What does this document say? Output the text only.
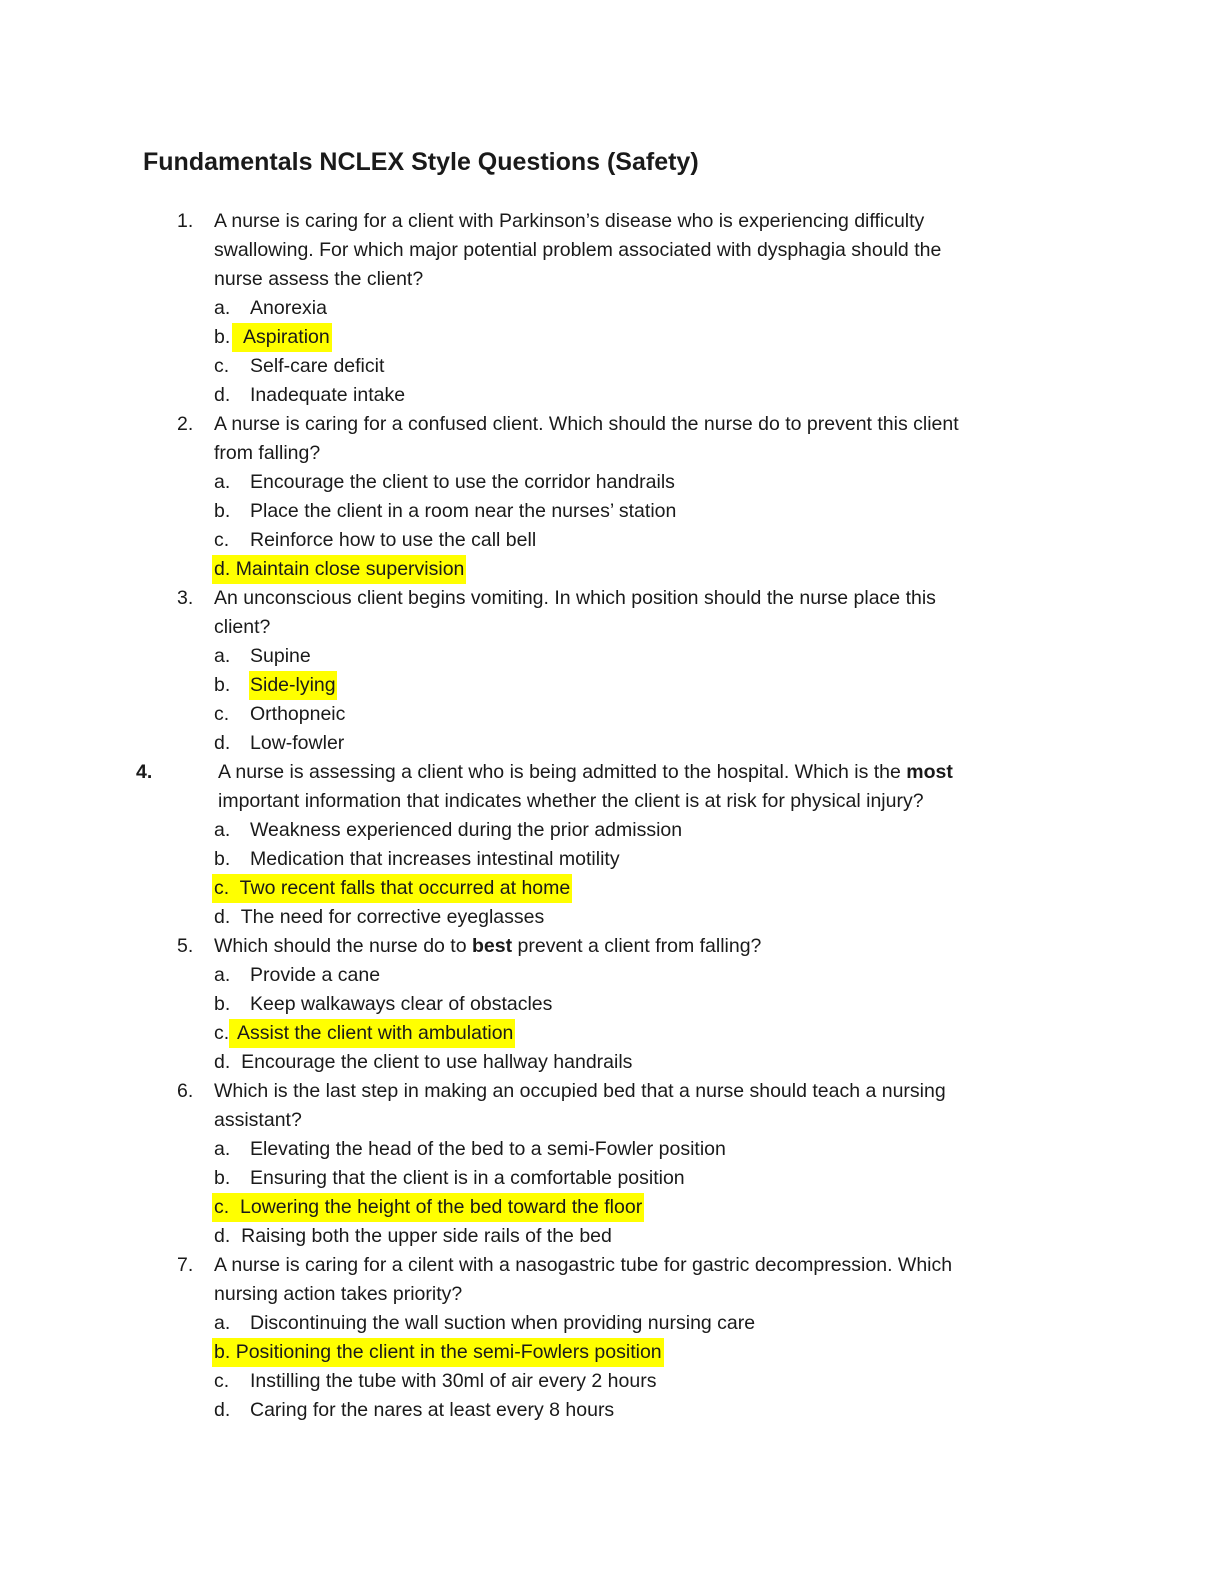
Fundamentals NCLEX Style Questions (Safety)
1. A nurse is caring for a client with Parkinson’s disease who is experiencing difficulty
swallowing. For which major potential problem associated with dysphagia should the
nurse assess the client?
a. Anorexia
b. Aspiration
c. Self-care deficit
d. Inadequate intake
2. A nurse is caring for a confused client. Which should the nurse do to prevent this client
from falling?
a. Encourage the client to use the corridor handrails
b. Place the client in a room near the nurses’ station
c. Reinforce how to use the call bell
d. Maintain close supervision
3. An unconscious client begins vomiting. In which position should the nurse place this
client?
a. Supine
b. Side-lying
c. Orthopneic
d. Low-fowler
4.	A nurse is assessing a client who is being admitted to the hospital. Which is the most
important information that indicates whether the client is at risk for physical injury?
a. Weakness experienced during the prior admission
b. Medication that increases intestinal motility
c. Two recent falls that occurred at home
d. The need for corrective eyeglasses
5. Which should the nurse do to best prevent a client from falling?
a. Provide a cane
b. Keep walkaways clear of obstacles
c. Assist the client with ambulation
d. Encourage the client to use hallway handrails
6. Which is the last step in making an occupied bed that a nurse should teach a nursing
assistant?
a. Elevating the head of the bed to a semi-Fowler position
b. Ensuring that the client is in a comfortable position
c. Lowering the height of the bed toward the floor
d. Raising both the upper side rails of the bed
7. A nurse is caring for a cilent with a nasogastric tube for gastric decompression. Which
nursing action takes priority?
a. Discontinuing the wall suction when providing nursing care
b. Positioning the client in the semi-Fowlers position
c. Instilling the tube with 30ml of air every 2 hours
d. Caring for the nares at least every 8 hours
